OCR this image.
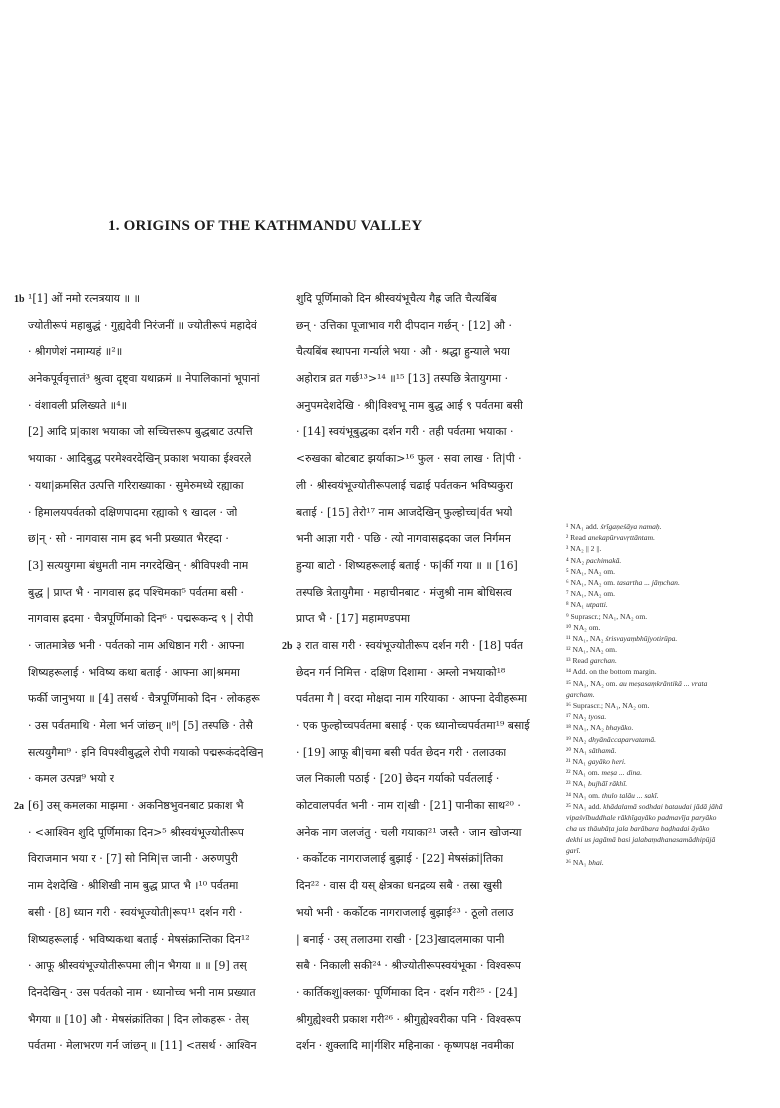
1. ORIGINS OF THE KATHMANDU VALLEY
1b ¹[1] ओं नमो रत्नत्रयाय ॥ ॥
ज्योतीरूपं महाबुद्धं · गुह्यदेवी निरंजनीं ॥ ज्योतीरूपं महादेवं
· श्रीगणेशं नमाम्यहं ॥²॥
अनेकपूर्ववृत्तातं³ श्रुत्वा दृष्ट्वा यथाक्रमं ॥ नेपालिकानां भूपानां
· वंशावली प्रलिख्यते ॥⁴॥
[2] आदि प्र|काश भयाका जो सच्चित्तरूप बुद्धबाट उत्पत्ति
भयाका · आदिबुद्ध परमेश्वरदेखिन् प्रकाश भयाका ईश्वरले
· यथा|क्रमसित उत्पत्ति गरिराख्याका · सुमेरुमध्ये रह्याका
· हिमालयपर्वतको दक्षिणपादमा रह्याको ९ खादल · जो
छ|न् · सो · नागवास नाम ह्रद भनी प्रख्यात भैरह्दा ·
[3] सत्ययुगमा बंधुमती नाम नगरदेखिन् · श्रीविपश्वी नाम
बुद्ध | प्राप्त भै · नागवास ह्रद पश्चिमका⁵ पर्वतमा बसी ·
नागवास ह्रदमा · चैत्रपूर्णिमाको दिन⁶ · पद्मरूकन्द ९ | रोपी
· जातमात्रेछ भनी · पर्वतको नाम अधिष्ठान गरी · आफ्ना
शिष्यहरूलाई · भविष्य कथा बताई · आफ्ना आ|श्रममा
फर्की जानुभया ॥ [4] तसर्थ · चैत्रपूर्णिमाको दिन · लोकहरू
· उस पर्वतमाथि · मेला भर्न जांछन् ॥⁸| [5] तस्पछि · तेसै
सत्ययुगैमा⁹ · इनि विपश्वीबुद्धले रोपी गयाको पद्मरूकंददेखिन्
· कमल उत्पन्न⁹ भयो र
2a [6] उस् कमलका माझमा · अकनिष्ठभुवनबाट प्रकाश भै
· <आश्विन शुदि पूर्णिमाका दिन>⁵ श्रीस्वयंभूज्योतीरूप
विराजमान भया र · [7] सो निमि|त्त जानी · अरुणपुरी
नाम देशदेखि · श्रीशिखी नाम बुद्ध प्राप्त भै ।¹⁰ पर्वतमा
बसी · [8] ध्यान गरी · स्वयंभूज्योती|रूप¹¹ दर्शन गरी ·
शिष्यहरूलाई · भविष्यकथा बताई · मेषसंक्रान्तिका दिन¹²
· आफू श्रीस्वयंभूज्योतीरूपमा ली|न भैगया ॥ ॥ [9] तस्
दिनदेखिन् · उस पर्वतको नाम · ध्यानोच्च भनी नाम प्रख्यात
भैगया ॥ [10] औ · मेषसंक्रांतिका | दिन लोकहरू · तेस्
पर्वतमा · मेलाभरण गर्न जांछन् ॥ [11] <तसर्थ · आश्विन
शुदि पूर्णिमाको दिन श्रीस्वयंभूचैत्य गैह्र जति चैत्यबिंब
छन् · उत्तिका पूजाभाव गरी दीपदान गर्छन् · [12] औ ·
चैत्यबिंब स्थापना गर्न्याले भया · औ · श्रद्धा हुन्याले भया
अहोरात्र व्रत गर्छ¹³>¹⁴ ॥¹⁵ [13] तस्पछि त्रेतायुगमा ·
अनुपमदेशदेखि · श्री|विश्वभू नाम बुद्ध आई ९ पर्वतमा बसी
· [14] स्वयंभूबुद्धका दर्शन गरी · तही पर्वतमा भयाका ·
<रुखका बोटबाट झर्याका>¹⁶ फुल · सवा लाख · ति|पी ·
ली · श्रीस्वयंभूज्योतीरूपलाई चढाई पर्वतकन भविष्यकुरा
बताई · [15] तेरो¹⁷ नाम आजदेखिन् फुल्होच्च|र्वत भयो
भनी आज्ञा गरी · पछि · त्यो नागवासह्रदका जल निर्गमन
हुन्या बाटो · शिष्यहरूलाई बताई · फ|र्की गया ॥ ॥ [16]
तस्पछि त्रेतायुगैमा · महाचीनबाट · मंजुश्री नाम बोधिसत्व
प्राप्त भै · [17] महामण्डपमा
2b ३ रात वास गरी · स्वयंभूज्योतीरूप दर्शन गरी · [18] पर्वत
छेदन गर्न निमित्त · दक्षिण दिशामा · अम्लो नभयाको¹⁸
पर्वतमा गै | वरदा मोक्षदा नाम गरियाका · आफ्ना देवीहरूमा
· एक फुल्होच्चपर्वतमा बसाई · एक ध्यानोच्चपर्वतमा¹⁹ बसाई
· [19] आफू बी|चमा बसी पर्वत छेदन गरी · तलाउका
जल निकाली पठाई · [20] छेदन गर्याको पर्वतलाई ·
कोटवालपर्वत भनी · नाम रा|खी · [21] पानीका साथ²⁰ ·
अनेक नाग जलजंतु · चली गयाका²¹ जस्तै · जान खोजन्या
· कर्कोटक नागराजलाई बुझाई · [22] मेषसंक्रां|तिका
दिन²² · वास दी यस् क्षेत्रका धनद्रव्य सबै · तस्रा खुसी
भयो भनी · कर्कोटक नागराजलाई बुझाई²³ · ठूलो तलाउ
| बनाई · उस् तलाउमा राखी · [23]खादलमाका पानी
सबै · निकाली सकी²⁴ · श्रीज्योतीरूपस्वयंभूका · विश्वरूप
· कार्तिकशु|क्लका· पूर्णिमाका दिन · दर्शन गरी²⁵ · [24]
श्रीगुह्येश्वरी प्रकाश गरी²⁶ · श्रीगुह्येश्वरीका पनि · विश्वरूप
दर्शन · शुक्लादि मा|र्गशिर महिनाका · कृष्णपक्ष नवमीका
¹ NA₁ add. śrīgaṇeśāya namaḥ.
² Read anekapūrvavṛttāntam.
³ NA₂ || 2 ||.
⁴ NA₂ pachimakā.
⁵ NA₁, NA₂ om.
⁶ NA₁, NA₂ om. tasartha ... jāṃchan.
⁷ NA₁, NA₂ om.
⁸ NA₁ utpatti.
⁹ Suprascr.; NA₁, NA₂ om.
¹⁰ NA₂ om.
¹¹ NA₁, NA₂ śrisvayaṃbhūjyotirūpa.
¹² NA₁, NA₂ om.
¹³ Read garchan.
¹⁴ Add. on the bottom margin.
¹⁵ NA₁, NA₂ om. au meṣasaṃkrāntikā ... vrata
garcham.
¹⁶ Suprascr.; NA₁, NA₂ om.
¹⁷ NA₂ tyosa.
¹⁸ NA₁, NA₂ bhayāko.
¹⁹ NA₂ dhyānāccaparvatamā.
²⁰ NA₁ sāthamā.
²¹ NA₁ gayāko heri.
²² NA₁ om. meṣa ... dina.
²³ NA₁ bujhāī rākhī.
²⁴ NA₁ om. thulo talāu ... sakī.
²⁵ NA₁ add. khādalamā sodhdai bataudai jādā jāhā
vipaśvībuddhale rākhīgayāko padmavīja paryāko
cha us thāubāṭa jala barābara baḍhadai āyāko
dekhi us jagāmā basi jalabaṃdhanasamādhipūjā
garī.
²⁶ NA₁ bhai.
